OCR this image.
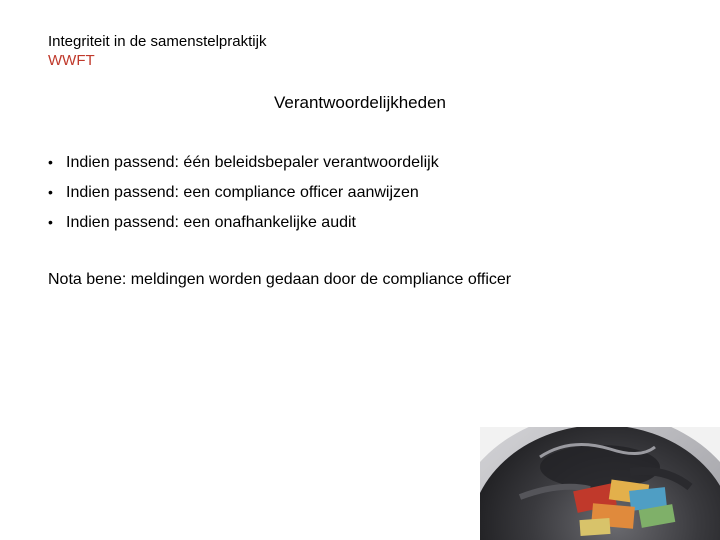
Integriteit in de samenstelpraktijk
WWFT
Verantwoordelijkheden
• Indien passend: één beleidsbepaler verantwoordelijk
• Indien passend: een compliance officer aanwijzen
• Indien passend: een onafhankelijke audit
Nota bene: meldingen worden gedaan door de compliance officer
